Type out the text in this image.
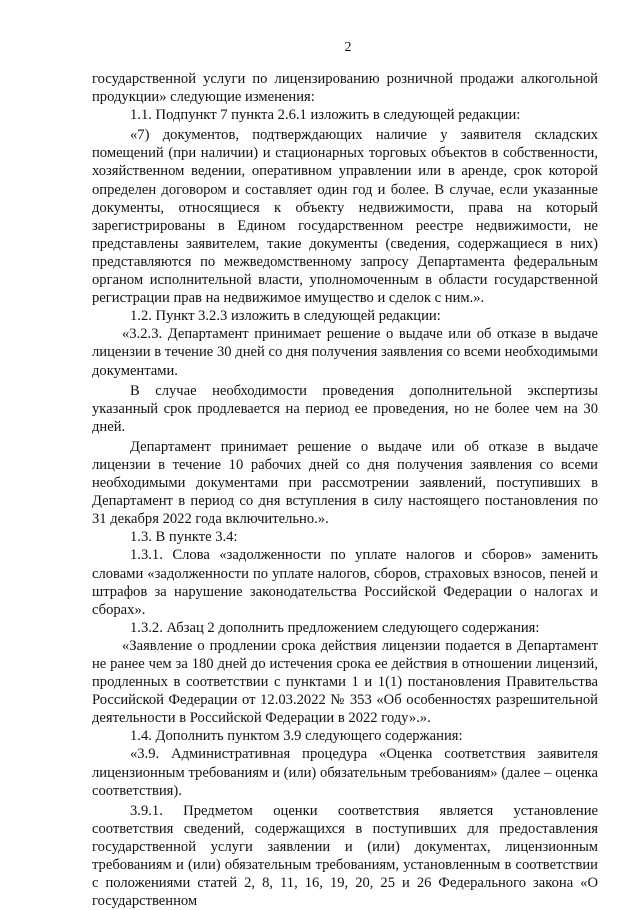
2

государственной услуги по лицензированию розничной продажи алкогольной продукции» следующие изменения:

1.1. Подпункт 7 пункта 2.6.1 изложить в следующей редакции:

«7) документов, подтверждающих наличие у заявителя складских помещений (при наличии) и стационарных торговых объектов в собственности, хозяйственном ведении, оперативном управлении или в аренде, срок которой определен договором и составляет один год и более. В случае, если указанные документы, относящиеся к объекту недвижимости, права на который зарегистрированы в Едином государственном реестре недвижимости, не представлены заявителем, такие документы (сведения, содержащиеся в них) представляются по межведомственному запросу Департамента федеральным органом исполнительной власти, уполномоченным в области государственной регистрации прав на недвижимое имущество и сделок с ним.».

1.2. Пункт 3.2.3 изложить в следующей редакции:

«3.2.3. Департамент принимает решение о выдаче или об отказе в выдаче лицензии в течение 30 дней со дня получения заявления со всеми необходимыми документами.

В случае необходимости проведения дополнительной экспертизы указанный срок продлевается на период ее проведения, но не более чем на 30 дней.

Департамент принимает решение о выдаче или об отказе в выдаче лицензии в течение 10 рабочих дней со дня получения заявления со всеми необходимыми документами при рассмотрении заявлений, поступивших в Департамент в период со дня вступления в силу настоящего постановления по 31 декабря 2022 года включительно.».

1.3. В пункте 3.4:

1.3.1. Слова «задолженности по уплате налогов и сборов» заменить словами «задолженности по уплате налогов, сборов, страховых взносов, пеней и штрафов за нарушение законодательства Российской Федерации о налогах и сборах».

1.3.2. Абзац 2 дополнить предложением следующего содержания:

«Заявление о продлении срока действия лицензии подается в Департамент не ранее чем за 180 дней до истечения срока ее действия в отношении лицензий, продленных в соответствии с пунктами 1 и 1(1) постановления Правительства Российской Федерации от 12.03.2022 № 353 «Об особенностях разрешительной деятельности в Российской Федерации в 2022 году».».

1.4. Дополнить пунктом 3.9 следующего содержания:

«3.9. Административная процедура «Оценка соответствия заявителя лицензионным требованиям и (или) обязательным требованиям» (далее – оценка соответствия).

3.9.1. Предметом оценки соответствия является установление соответствия сведений, содержащихся в поступивших для предоставления государственной услуги заявлении и (или) документах, лицензионным требованиям и (или) обязательным требованиям, установленным в соответствии с положениями статей 2, 8, 11, 16, 19, 20, 25 и 26 Федерального закона «О государственном
